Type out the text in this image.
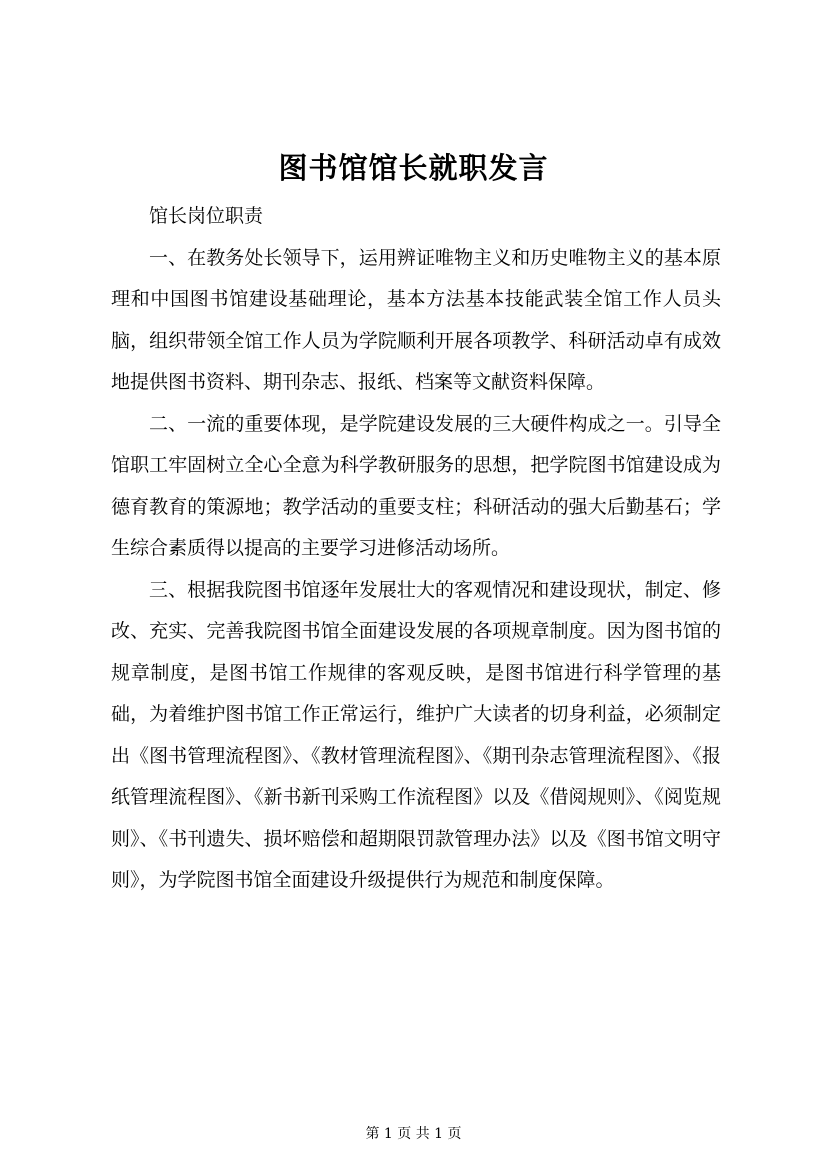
图书馆馆长就职发言

馆长岗位职责

一、在教务处长领导下，运用辨证唯物主义和历史唯物主义的基本原理和中国图书馆建设基础理论，基本方法基本技能武装全馆工作人员头脑，组织带领全馆工作人员为学院顺利开展各项教学、科研活动卓有成效地提供图书资料、期刊杂志、报纸、档案等文献资料保障。

二、一流的重要体现，是学院建设发展的三大硬件构成之一。引导全馆职工牢固树立全心全意为科学教研服务的思想，把学院图书馆建设成为德育教育的策源地；教学活动的重要支柱；科研活动的强大后勤基石；学生综合素质得以提高的主要学习进修活动场所。

三、根据我院图书馆逐年发展壮大的客观情况和建设现状，制定、修改、充实、完善我院图书馆全面建设发展的各项规章制度。因为图书馆的规章制度，是图书馆工作规律的客观反映，是图书馆进行科学管理的基础，为着维护图书馆工作正常运行，维护广大读者的切身利益，必须制定出《图书管理流程图》、《教材管理流程图》、《期刊杂志管理流程图》、《报纸管理流程图》、《新书新刊采购工作流程图》以及《借阅规则》、《阅览规则》、《书刊遗失、损坏赔偿和超期限罚款管理办法》以及《图书馆文明守则》，为学院图书馆全面建设升级提供行为规范和制度保障。

第 1 页 共 1 页
